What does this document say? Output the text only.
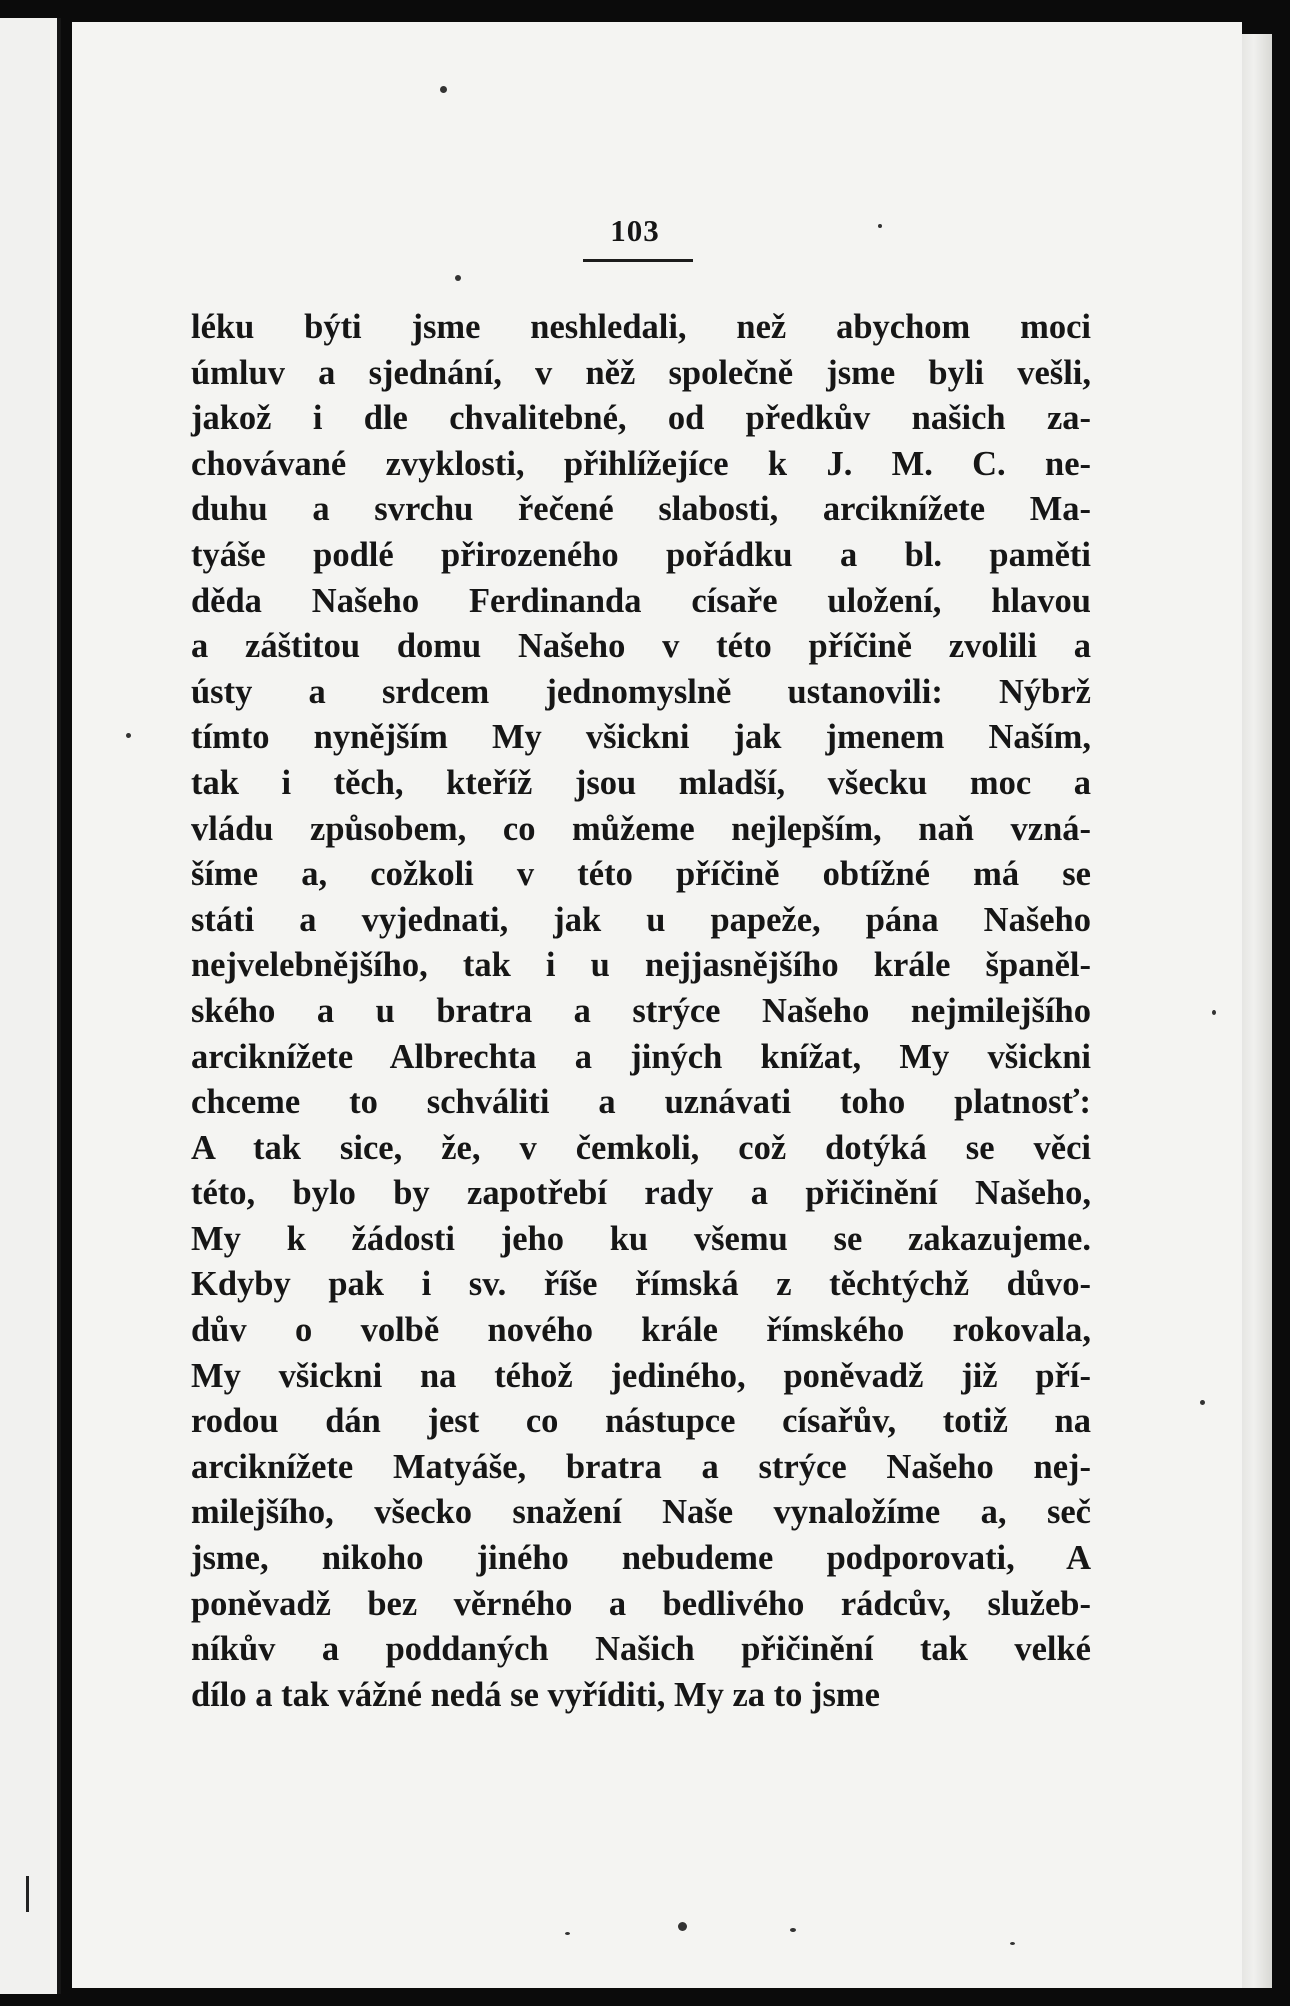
103
léku býti jsme neshledali, než abychom moci
úmluv a sjednání, v něž společně jsme byli vešli,
jakož i dle chvalitebné, od předkův našich za-
chovávané zvyklosti, přihlížejíce k J. M. C. ne-
duhu a svrchu řečené slabosti, arciknížete Ma-
tyáše podlé přirozeného pořádku a bl. paměti
děda Našeho Ferdinanda císaře uložení, hlavou
a záštitou domu Našeho v této příčině zvolili a
ústy a srdcem jednomyslně ustanovili: Nýbrž
tímto nynějším My všickni jak jmenem Naším,
tak i těch, kteříž jsou mladší, všecku moc a
vládu způsobem, co můžeme nejlepším, naň vzná-
šíme a, cožkoli v této příčině obtížné má se
státi a vyjednati, jak u papeže, pána Našeho
nejvelebnějšího, tak i u nejjasnějšího krále španěl-
ského a u bratra a strýce Našeho nejmilejšího
arciknížete Albrechta a jiných knížat, My všickni
chceme to schváliti a uznávati toho platnosť:
A tak sice, že, v čemkoli, což dotýká se věci
této, bylo by zapotřebí rady a přičinění Našeho,
My k žádosti jeho ku všemu se zakazujeme.
Kdyby pak i sv. říše římská z těchtýchž důvo-
dův o volbě nového krále římského rokovala,
My všickni na téhož jediného, poněvadž již pří-
rodou dán jest co nástupce císařův, totiž na
arciknížete Matyáše, bratra a strýce Našeho nej-
milejšího, všecko snažení Naše vynaložíme a, seč
jsme, nikoho jiného nebudeme podporovati, A
poněvadž bez věrného a bedlivého rádcův, služeb-
níkův a poddaných Našich přičinění tak velké
dílo a tak vážné nedá se vyříditi, My za to jsme
